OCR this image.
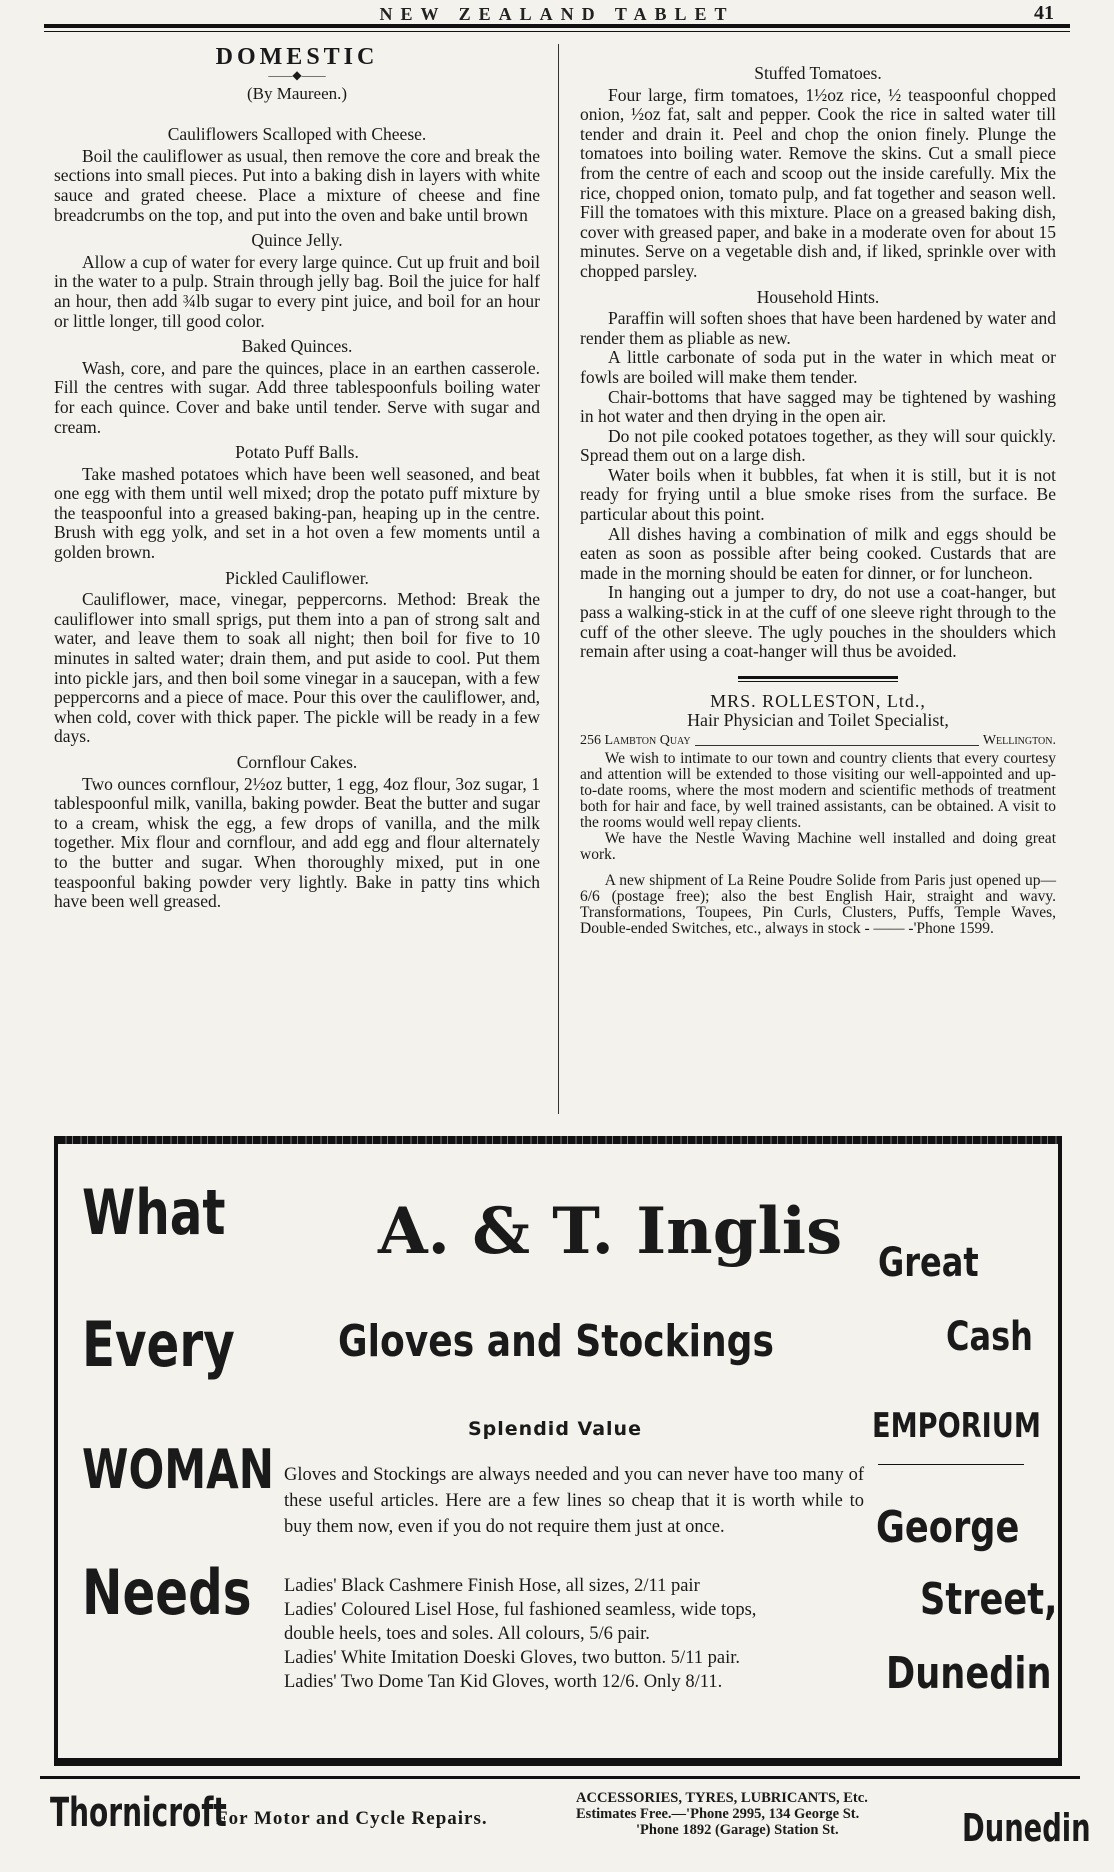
NEW ZEALAND TABLET	41
DOMESTIC
——◆——
(By Maureen.)
Cauliflowers Scalloped with Cheese.

Boil the cauliflower as usual, then remove the core and break the sections into small pieces. Put into a baking dish in layers with white sauce and grated cheese. Place a mixture of cheese and fine breadcrumbs on the top, and put into the oven and bake until brown

Quince Jelly.

Allow a cup of water for every large quince. Cut up fruit and boil in the water to a pulp. Strain through jelly bag. Boil the juice for half an hour, then add ¾lb sugar to every pint juice, and boil for an hour or little longer, till good color.

Baked Quinces.

Wash, core, and pare the quinces, place in an earthen casserole. Fill the centres with sugar. Add three tablespoonfuls boiling water for each quince. Cover and bake until tender. Serve with sugar and cream.

Potato Puff Balls.

Take mashed potatoes which have been well seasoned, and beat one egg with them until well mixed; drop the potato puff mixture by the teaspoonful into a greased baking-pan, heaping up in the centre. Brush with egg yolk, and set in a hot oven a few moments until a golden brown.

Pickled Cauliflower.

Cauliflower, mace, vinegar, peppercorns. Method: Break the cauliflower into small sprigs, put them into a pan of strong salt and water, and leave them to soak all night; then boil for five to 10 minutes in salted water; drain them, and put aside to cool. Put them into pickle jars, and then boil some vinegar in a saucepan, with a few peppercorns and a piece of mace. Pour this over the cauliflower, and, when cold, cover with thick paper. The pickle will be ready in a few days.

Cornflour Cakes.

Two ounces cornflour, 2½oz butter, 1 egg, 4oz flour, 3oz sugar, 1 tablespoonful milk, vanilla, baking powder. Beat the butter and sugar to a cream, whisk the egg, a few drops of vanilla, and the milk together. Mix flour and cornflour, and add egg and flour alternately to the butter and sugar. When thoroughly mixed, put in one teaspoonful baking powder very lightly. Bake in patty tins which have been well greased.

Stuffed Tomatoes.

Four large, firm tomatoes, 1½oz rice, ½ teaspoonful chopped onion, ½oz fat, salt and pepper. Cook the rice in salted water till tender and drain it. Peel and chop the onion finely. Plunge the tomatoes into boiling water. Remove the skins. Cut a small piece from the centre of each and scoop out the inside carefully. Mix the rice, chopped onion, tomato pulp, and fat together and season well. Fill the tomatoes with this mixture. Place on a greased baking dish, cover with greased paper, and bake in a moderate oven for about 15 minutes. Serve on a vegetable dish and, if liked, sprinkle over with chopped parsley.

Household Hints.

Paraffin will soften shoes that have been hardened by water and render them as pliable as new.

A little carbonate of soda put in the water in which meat or fowls are boiled will make them tender.

Chair-bottoms that have sagged may be tightened by washing in hot water and then drying in the open air.

Do not pile cooked potatoes together, as they will sour quickly. Spread them out on a large dish.

Water boils when it bubbles, fat when it is still, but it is not ready for frying until a blue smoke rises from the surface. Be particular about this point.

All dishes having a combination of milk and eggs should be eaten as soon as possible after being cooked. Custards that are made in the morning should be eaten for dinner, or for luncheon.

In hanging out a jumper to dry, do not use a coat-hanger, but pass a walking-stick in at the cuff of one sleeve right through to the cuff of the other sleeve. The ugly pouches in the shoulders which remain after using a coat-hanger will thus be avoided.

MRS. ROLLESTON, Ltd.,
Hair Physician and Toilet Specialist,
256 Lambton Quay	Wellington.

We wish to intimate to our town and country clients that every courtesy and attention will be extended to those visiting our well-appointed and up-to-date rooms, where the most modern and scientific methods of treatment both for hair and face, by well trained assistants, can be obtained. A visit to the rooms would well repay clients.

We have the Nestle Waving Machine well installed and doing great work.

A new shipment of La Reine Poudre Solide from Paris just opened up—6/6 (postage free); also the best English Hair, straight and wavy. Transformations, Toupees, Pin Curls, Clusters, Puffs, Temple Waves, Double-ended Switches, etc., always in stock - —— -'Phone 1599.

What
Every
WOMAN
Needs
A. & T. Inglis
Gloves and Stockings
Splendid Value
Gloves and Stockings are always needed and you can never have too many of these useful articles. Here are a few lines so cheap that it is worth while to buy them now, even if you do not require them just at once.
Ladies' Black Cashmere Finish Hose, all sizes, 2/11 pair
Ladies' Coloured Lisel Hose, ful fashioned seamless, wide tops,
double heels, toes and soles. All colours, 5/6 pair.
Ladies' White Imitation Doeski Gloves, two button. 5/11 pair.
Ladies' Two Dome Tan Kid Gloves, worth 12/6. Only 8/11.
Great
Cash
EMPORIUM
George
Street,
Dunedin
Thornicroft
For Motor and Cycle Repairs.
ACCESSORIES, TYRES, LUBRICANTS, Etc.
Estimates Free.—'Phone 2995, 134 George St.
'Phone 1892 (Garage) Station St.	Dunedin
